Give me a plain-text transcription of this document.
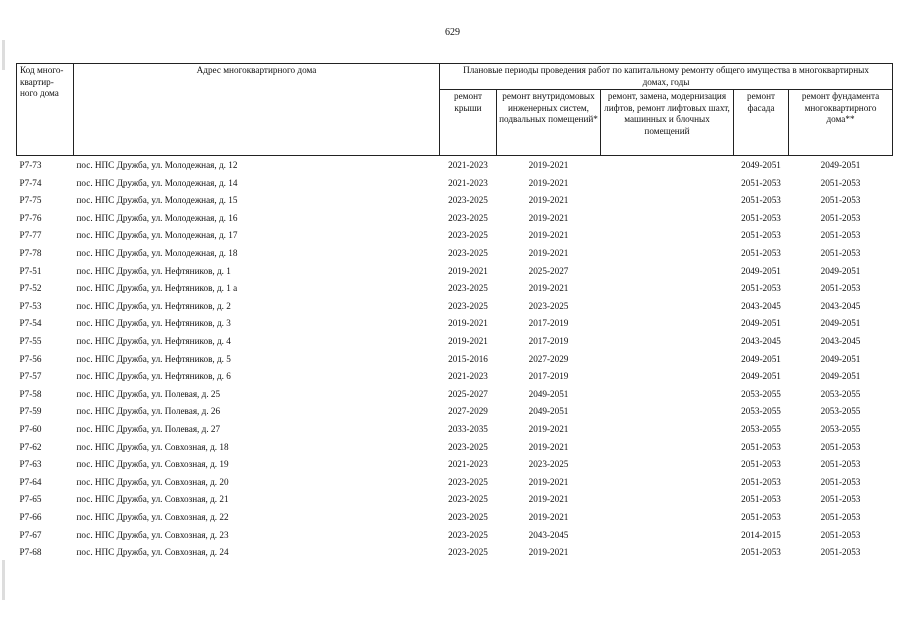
629
Код много-квартир-ного дома	Адрес многоквартирного дома	Плановые периоды проведения работ по капитальному ремонту общего имущества в многоквартирных домах, годы				
		ремонт крыши	ремонт внутридомовых инженерных систем, подвальных помещений*	ремонт, замена, модернизация лифтов, ремонт лифтовых шахт, машинных и блочных помещений	ремонт фасада	ремонт фундамента многоквартирного дома**
Р7-73	пос. НПС Дружба, ул. Молодежная, д. 12	2021-2023	2019-2021		2049-2051	2049-2051
Р7-74	пос. НПС Дружба, ул. Молодежная, д. 14	2021-2023	2019-2021		2051-2053	2051-2053
Р7-75	пос. НПС Дружба, ул. Молодежная, д. 15	2023-2025	2019-2021		2051-2053	2051-2053
Р7-76	пос. НПС Дружба, ул. Молодежная, д. 16	2023-2025	2019-2021		2051-2053	2051-2053
Р7-77	пос. НПС Дружба, ул. Молодежная, д. 17	2023-2025	2019-2021		2051-2053	2051-2053
Р7-78	пос. НПС Дружба, ул. Молодежная, д. 18	2023-2025	2019-2021		2051-2053	2051-2053
Р7-51	пос. НПС Дружба, ул. Нефтяников, д. 1	2019-2021	2025-2027		2049-2051	2049-2051
Р7-52	пос. НПС Дружба, ул. Нефтяников, д. 1 а	2023-2025	2019-2021		2051-2053	2051-2053
Р7-53	пос. НПС Дружба, ул. Нефтяников, д. 2	2023-2025	2023-2025		2043-2045	2043-2045
Р7-54	пос. НПС Дружба, ул. Нефтяников, д. 3	2019-2021	2017-2019		2049-2051	2049-2051
Р7-55	пос. НПС Дружба, ул. Нефтяников, д. 4	2019-2021	2017-2019		2043-2045	2043-2045
Р7-56	пос. НПС Дружба, ул. Нефтяников, д. 5	2015-2016	2027-2029		2049-2051	2049-2051
Р7-57	пос. НПС Дружба, ул. Нефтяников, д. 6	2021-2023	2017-2019		2049-2051	2049-2051
Р7-58	пос. НПС Дружба, ул. Полевая, д. 25	2025-2027	2049-2051		2053-2055	2053-2055
Р7-59	пос. НПС Дружба, ул. Полевая, д. 26	2027-2029	2049-2051		2053-2055	2053-2055
Р7-60	пос. НПС Дружба, ул. Полевая, д. 27	2033-2035	2019-2021		2053-2055	2053-2055
Р7-62	пос. НПС Дружба, ул. Совхозная, д. 18	2023-2025	2019-2021		2051-2053	2051-2053
Р7-63	пос. НПС Дружба, ул. Совхозная, д. 19	2021-2023	2023-2025		2051-2053	2051-2053
Р7-64	пос. НПС Дружба, ул. Совхозная, д. 20	2023-2025	2019-2021		2051-2053	2051-2053
Р7-65	пос. НПС Дружба, ул. Совхозная, д. 21	2023-2025	2019-2021		2051-2053	2051-2053
Р7-66	пос. НПС Дружба, ул. Совхозная, д. 22	2023-2025	2019-2021		2051-2053	2051-2053
Р7-67	пос. НПС Дружба, ул. Совхозная, д. 23	2023-2025	2043-2045		2014-2015	2051-2053
Р7-68	пос. НПС Дружба, ул. Совхозная, д. 24	2023-2025	2019-2021		2051-2053	2051-2053
